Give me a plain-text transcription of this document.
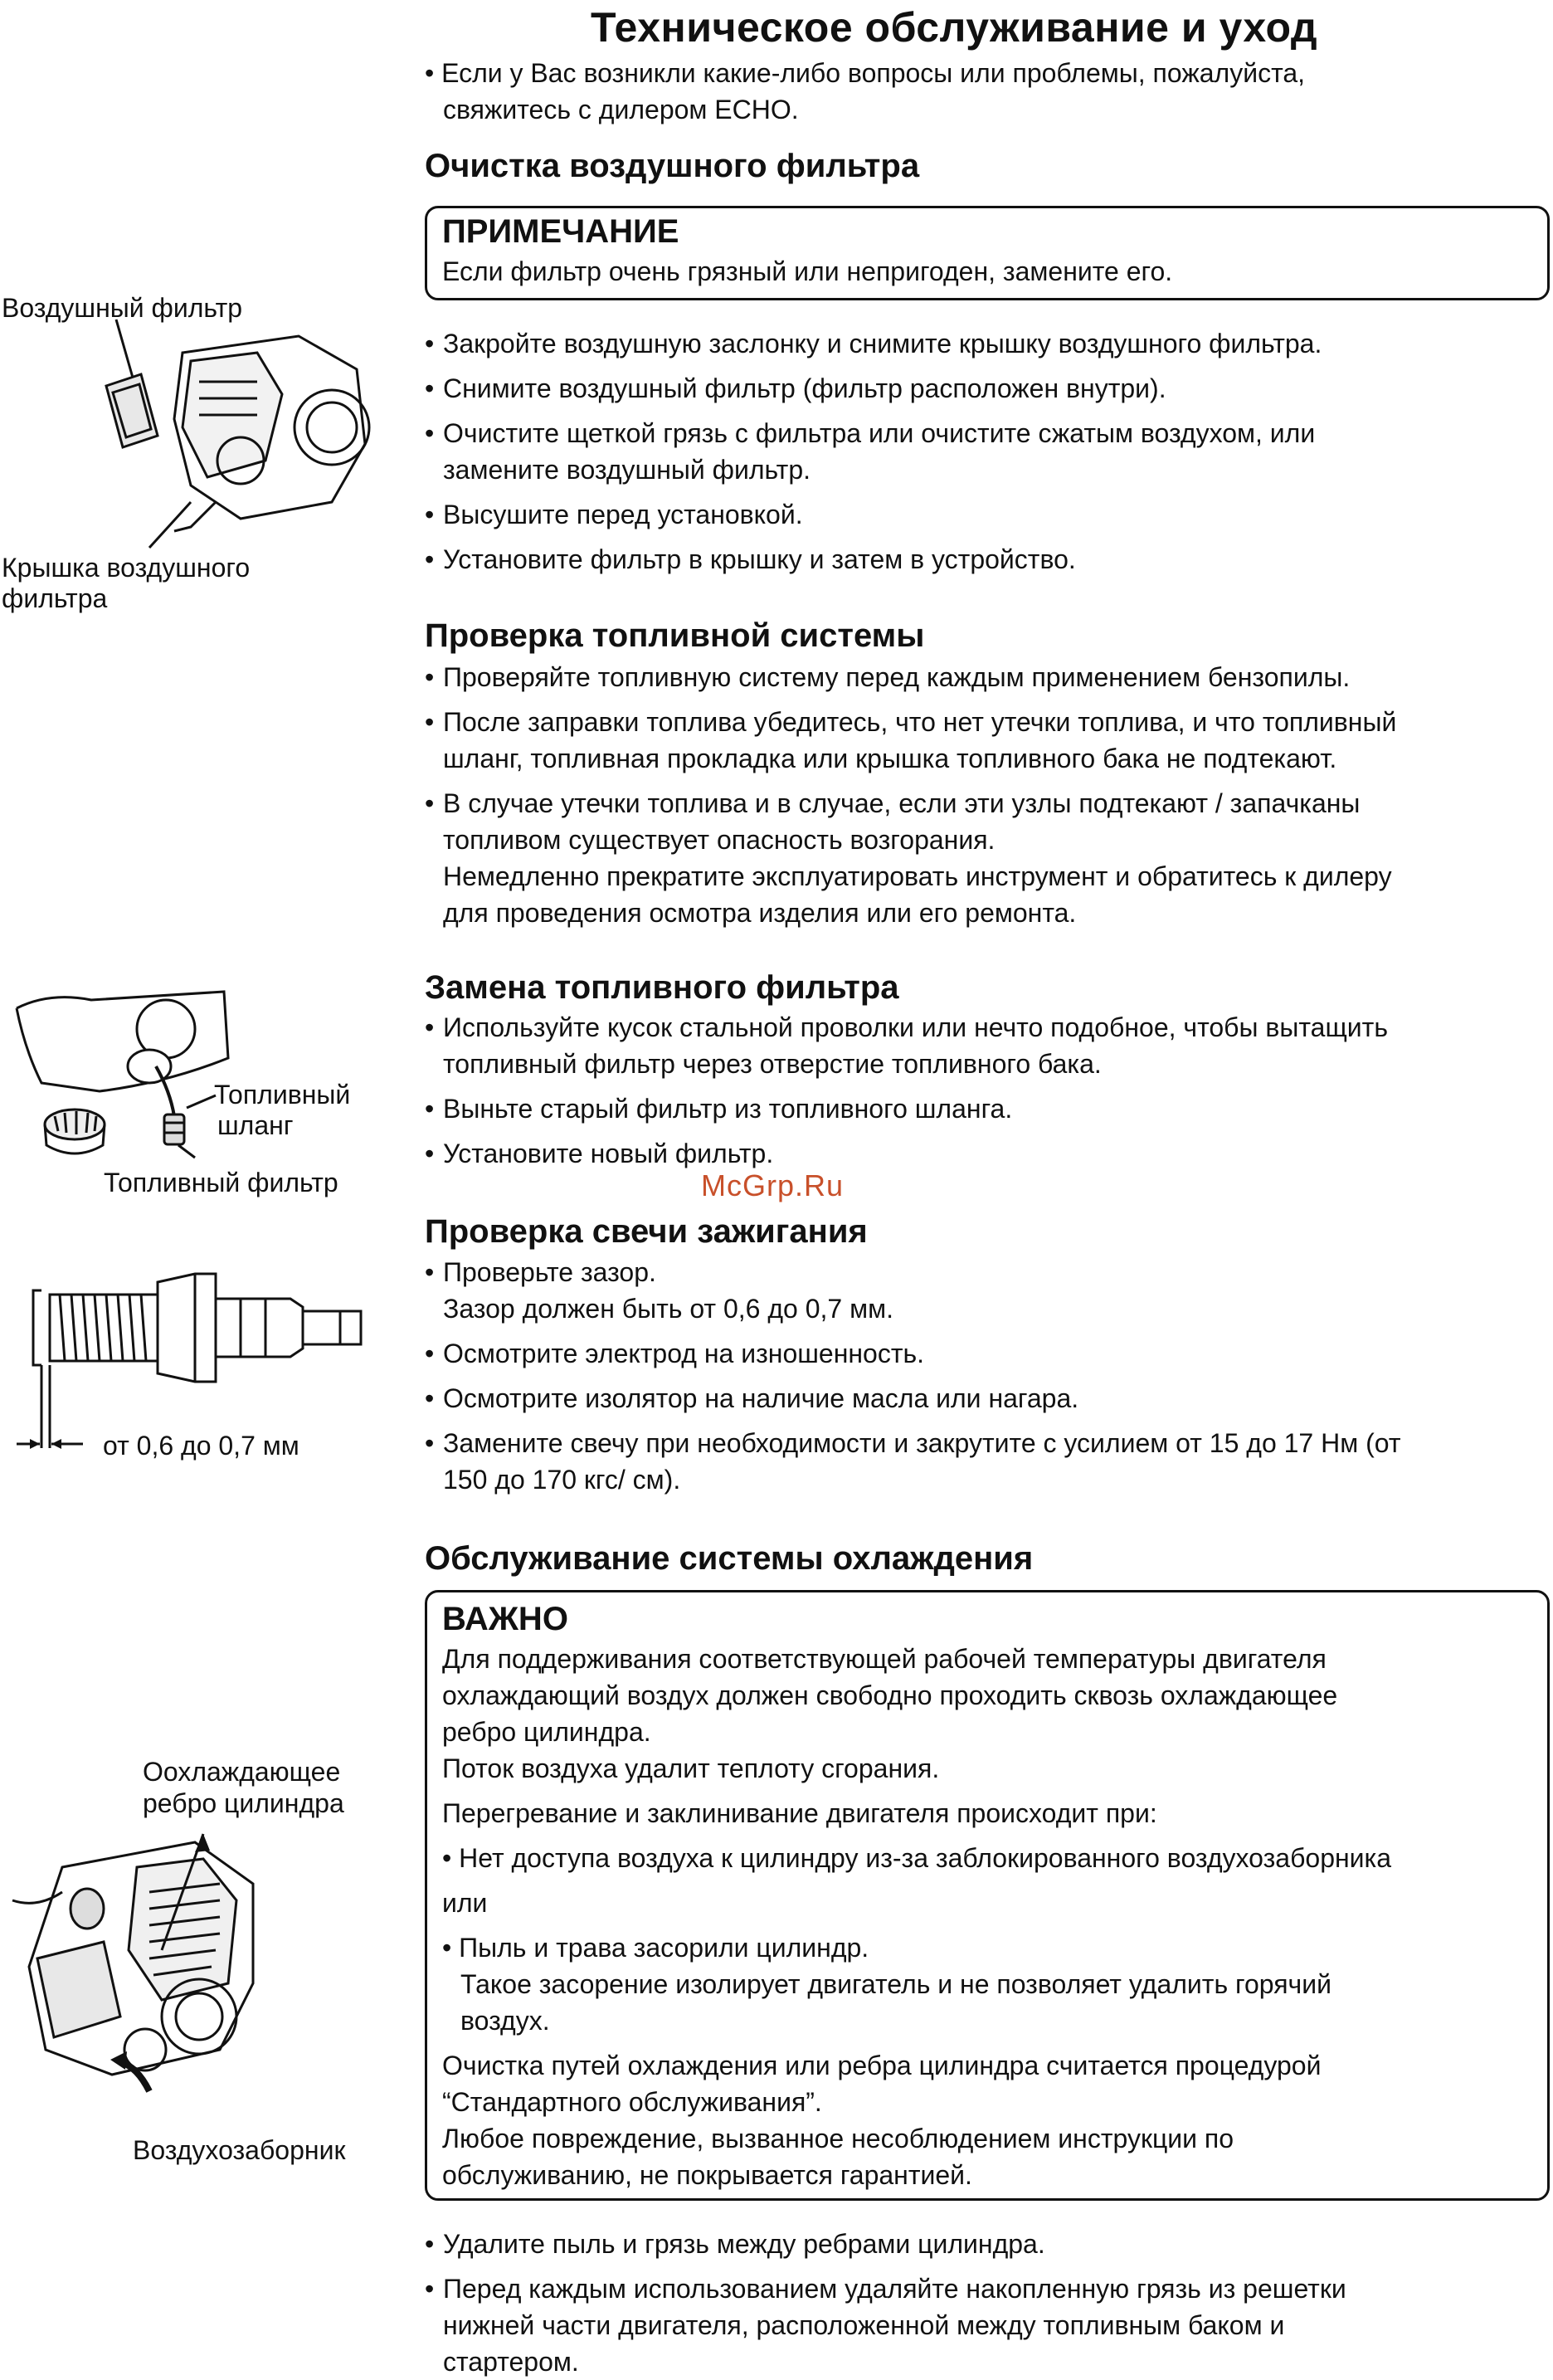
Техническое обслуживание и уход

• Если у Вас возникли какие-либо вопросы или проблемы, пожалуйста,

свяжитесь с дилером ECHO.

Очистка воздушного фильтра

ПРИМЕЧАНИЕ

Если фильтр очень грязный или непригоден, замените его.

• Закройте воздушную заслонку и снимите крышку воздушного фильтра.

• Снимите воздушный фильтр (фильтр расположен внутри).

• Очистите щеткой грязь с фильтра или очистите сжатым воздухом, или

замените воздушный фильтр.

• Высушите перед установкой.

• Установите фильтр в крышку и затем в устройство.

Воздушный фильтр
Крышка воздушного
фильтра
Проверка топливной системы

• Проверяйте топливную систему перед каждым применением бензопилы.

• После заправки топлива убедитесь, что нет утечки топлива, и что топливный

шланг, топливная прокладка или крышка топливного бака не подтекают.

• В случае утечки топлива и в случае, если эти узлы подтекают / запачканы

топливом существует опасность возгорания.

Немедленно прекратите эксплуатировать инструмент и обратитесь к дилеру

для проведения осмотра изделия или его ремонта.

Замена топливного фильтра

• Используйте кусок стальной проволки или нечто подобное, чтобы вытащить

топливный фильтр через отверстие топливного бака.

• Выньте старый фильтр из топливного шланга.

• Установите новый фильтр.

McGrp.Ru
Топливный
шланг
Топливный фильтр
Проверка свечи зажигания

• Проверьте зазор.

Зазор должен быть от 0,6 до 0,7 мм.

• Осмотрите электрод на изношенность.

• Осмотрите изолятор на наличие масла или нагара.

• Замените свечу при необходимости и закрутите с усилием от 15 до 17 Нм (от

150 до 170 кгс/ см).

от 0,6 до 0,7 мм
Обслуживание системы охлаждения

ВАЖНО

Для поддерживания соответствующей рабочей температуры двигателя

охлаждающий воздух должен свободно проходить сквозь охлаждающее

ребро цилиндра.

Поток воздуха удалит теплоту сгорания.

Перегревание и заклинивание двигателя происходит при:

• Нет доступа воздуха к цилиндру из-за заблокированного воздухозаборника

или

• Пыль и трава засорили цилиндр.

Такое засорение изолирует двигатель и не позволяет удалить горячий

воздух.

Очистка путей охлаждения или ребра цилиндра считается процедурой

“Стандартного обслуживания”.

Любое повреждение, вызванное несоблюдением инструкции по

обслуживанию, не покрывается гарантией.

• Удалите пыль и грязь между ребрами цилиндра.

• Перед каждым использованием удаляйте накопленную грязь из решетки

нижней части двигателя, расположенной между топливным баком и

стартером.

Оохлаждающее
ребро цилиндра
Воздухозаборник
